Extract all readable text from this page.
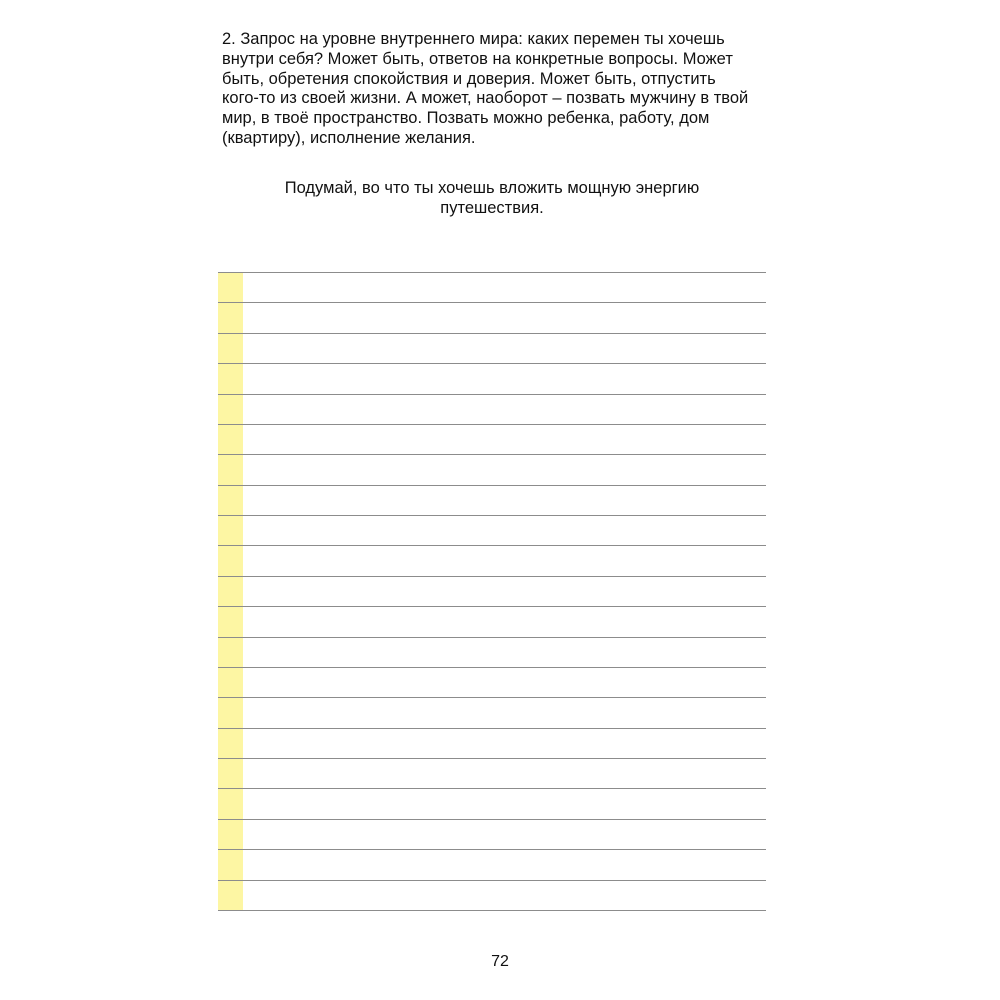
2. Запрос на уровне внутреннего мира: каких перемен ты хочешь
внутри себя? Может быть, ответов на конкретные вопросы. Может
быть, обретения спокойствия и доверия. Может быть, отпустить
кого-то из своей жизни. А может, наоборот – позвать мужчину в твой
мир, в твоё пространство. Позвать можно ребенка, работу, дом
(квартиру), исполнение желания.
Подумай, во что ты хочешь вложить мощную энергию
путешествия.
72
